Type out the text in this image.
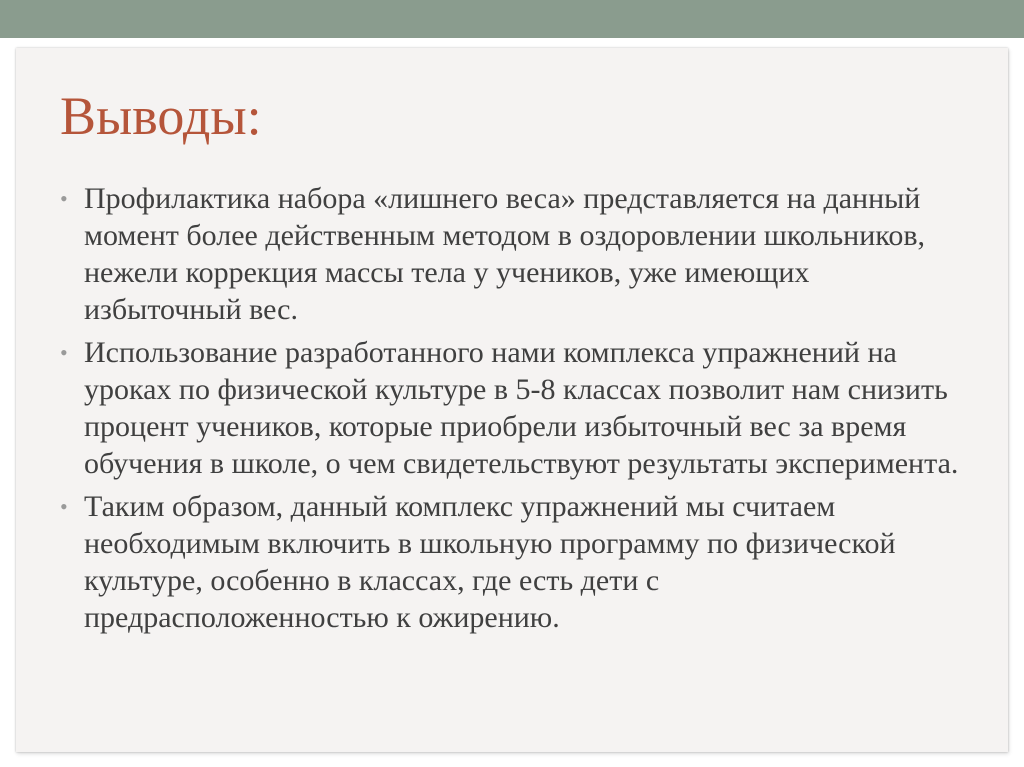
Выводы:
• Профилактика набора «лишнего веса» представляется на данный момент более действенным методом в оздоровлении школьников, нежели коррекция массы тела у учеников, уже имеющих избыточный вес.
• Использование разработанного нами комплекса упражнений на уроках по физической культуре в 5-8 классах позволит нам снизить процент учеников, которые приобрели избыточный вес за время обучения в школе, о чем свидетельствуют результаты эксперимента.
• Таким образом, данный комплекс упражнений мы считаем необходимым включить в школьную программу по физической культуре, особенно в классах, где есть дети с предрасположенностью к ожирению.
